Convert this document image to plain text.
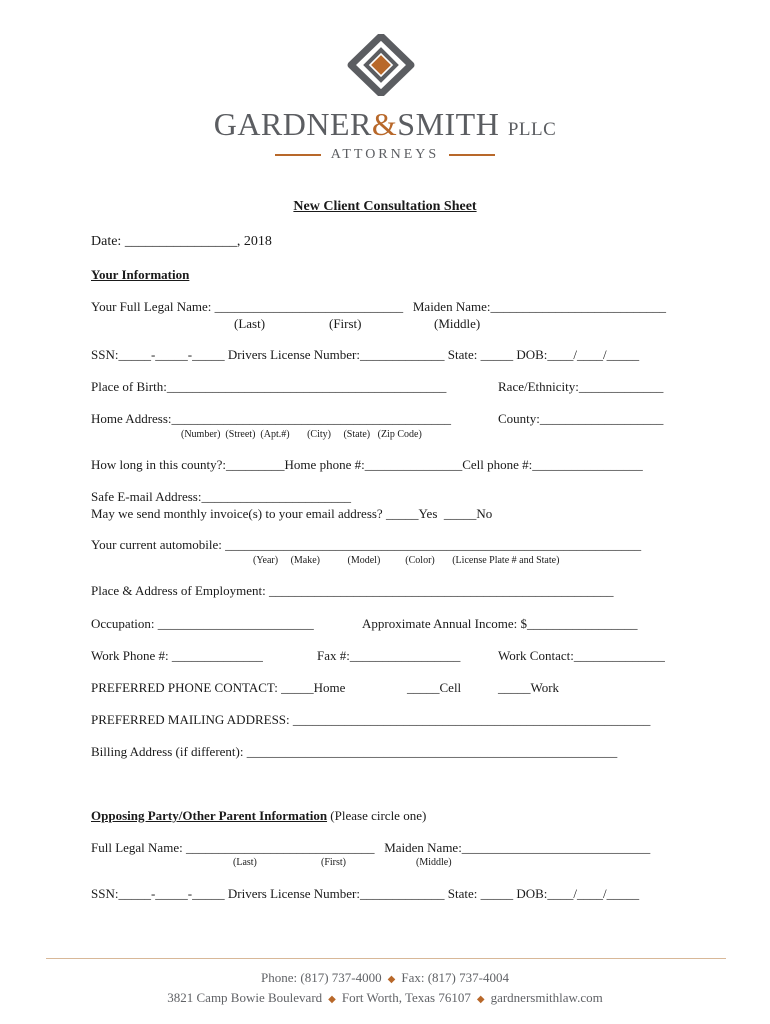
GARDNER&SMITH PLLC
ATTORNEYS
New Client Consultation Sheet
Date: ________________, 2018
Your Information
Your Full Legal Name: _____________________________   Maiden Name:___________________________
(Last)	(First)	(Middle)
SSN:_____-_____-_____ Drivers License Number:_____________ State: _____ DOB:____/____/_____
Place of Birth:___________________________________________	Race/Ethnicity:_____________
Home Address:___________________________________________	County:___________________
(Number)  (Street)  (Apt.#)       (City)     (State)   (Zip Code)
How long in this county?:_________Home phone #:_______________Cell phone #:_________________
Safe E-mail Address:_______________________
May we send monthly invoice(s) to your email address? _____Yes  _____No
Your current automobile: ________________________________________________________________
(Year)     (Make)           (Model)          (Color)       (License Plate # and State)
Place & Address of Employment: _____________________________________________________
Occupation: ________________________	Approximate Annual Income: $_________________
Work Phone #: ______________	Fax #:_________________	Work Contact:______________
PREFERRED PHONE CONTACT: _____Home	_____Cell	_____Work
PREFERRED MAILING ADDRESS: _______________________________________________________
Billing Address (if different): _________________________________________________________
Opposing Party/Other Parent Information (Please circle one)
Full Legal Name: _____________________________   Maiden Name:_____________________________
(Last)	(First)	(Middle)
SSN:_____-_____-_____ Drivers License Number:_____________ State: _____ DOB:____/____/_____
Phone: (817) 737-4000 ◆ Fax: (817) 737-4004
3821 Camp Bowie Boulevard ◆ Fort Worth, Texas 76107 ◆ gardnersmithlaw.com
